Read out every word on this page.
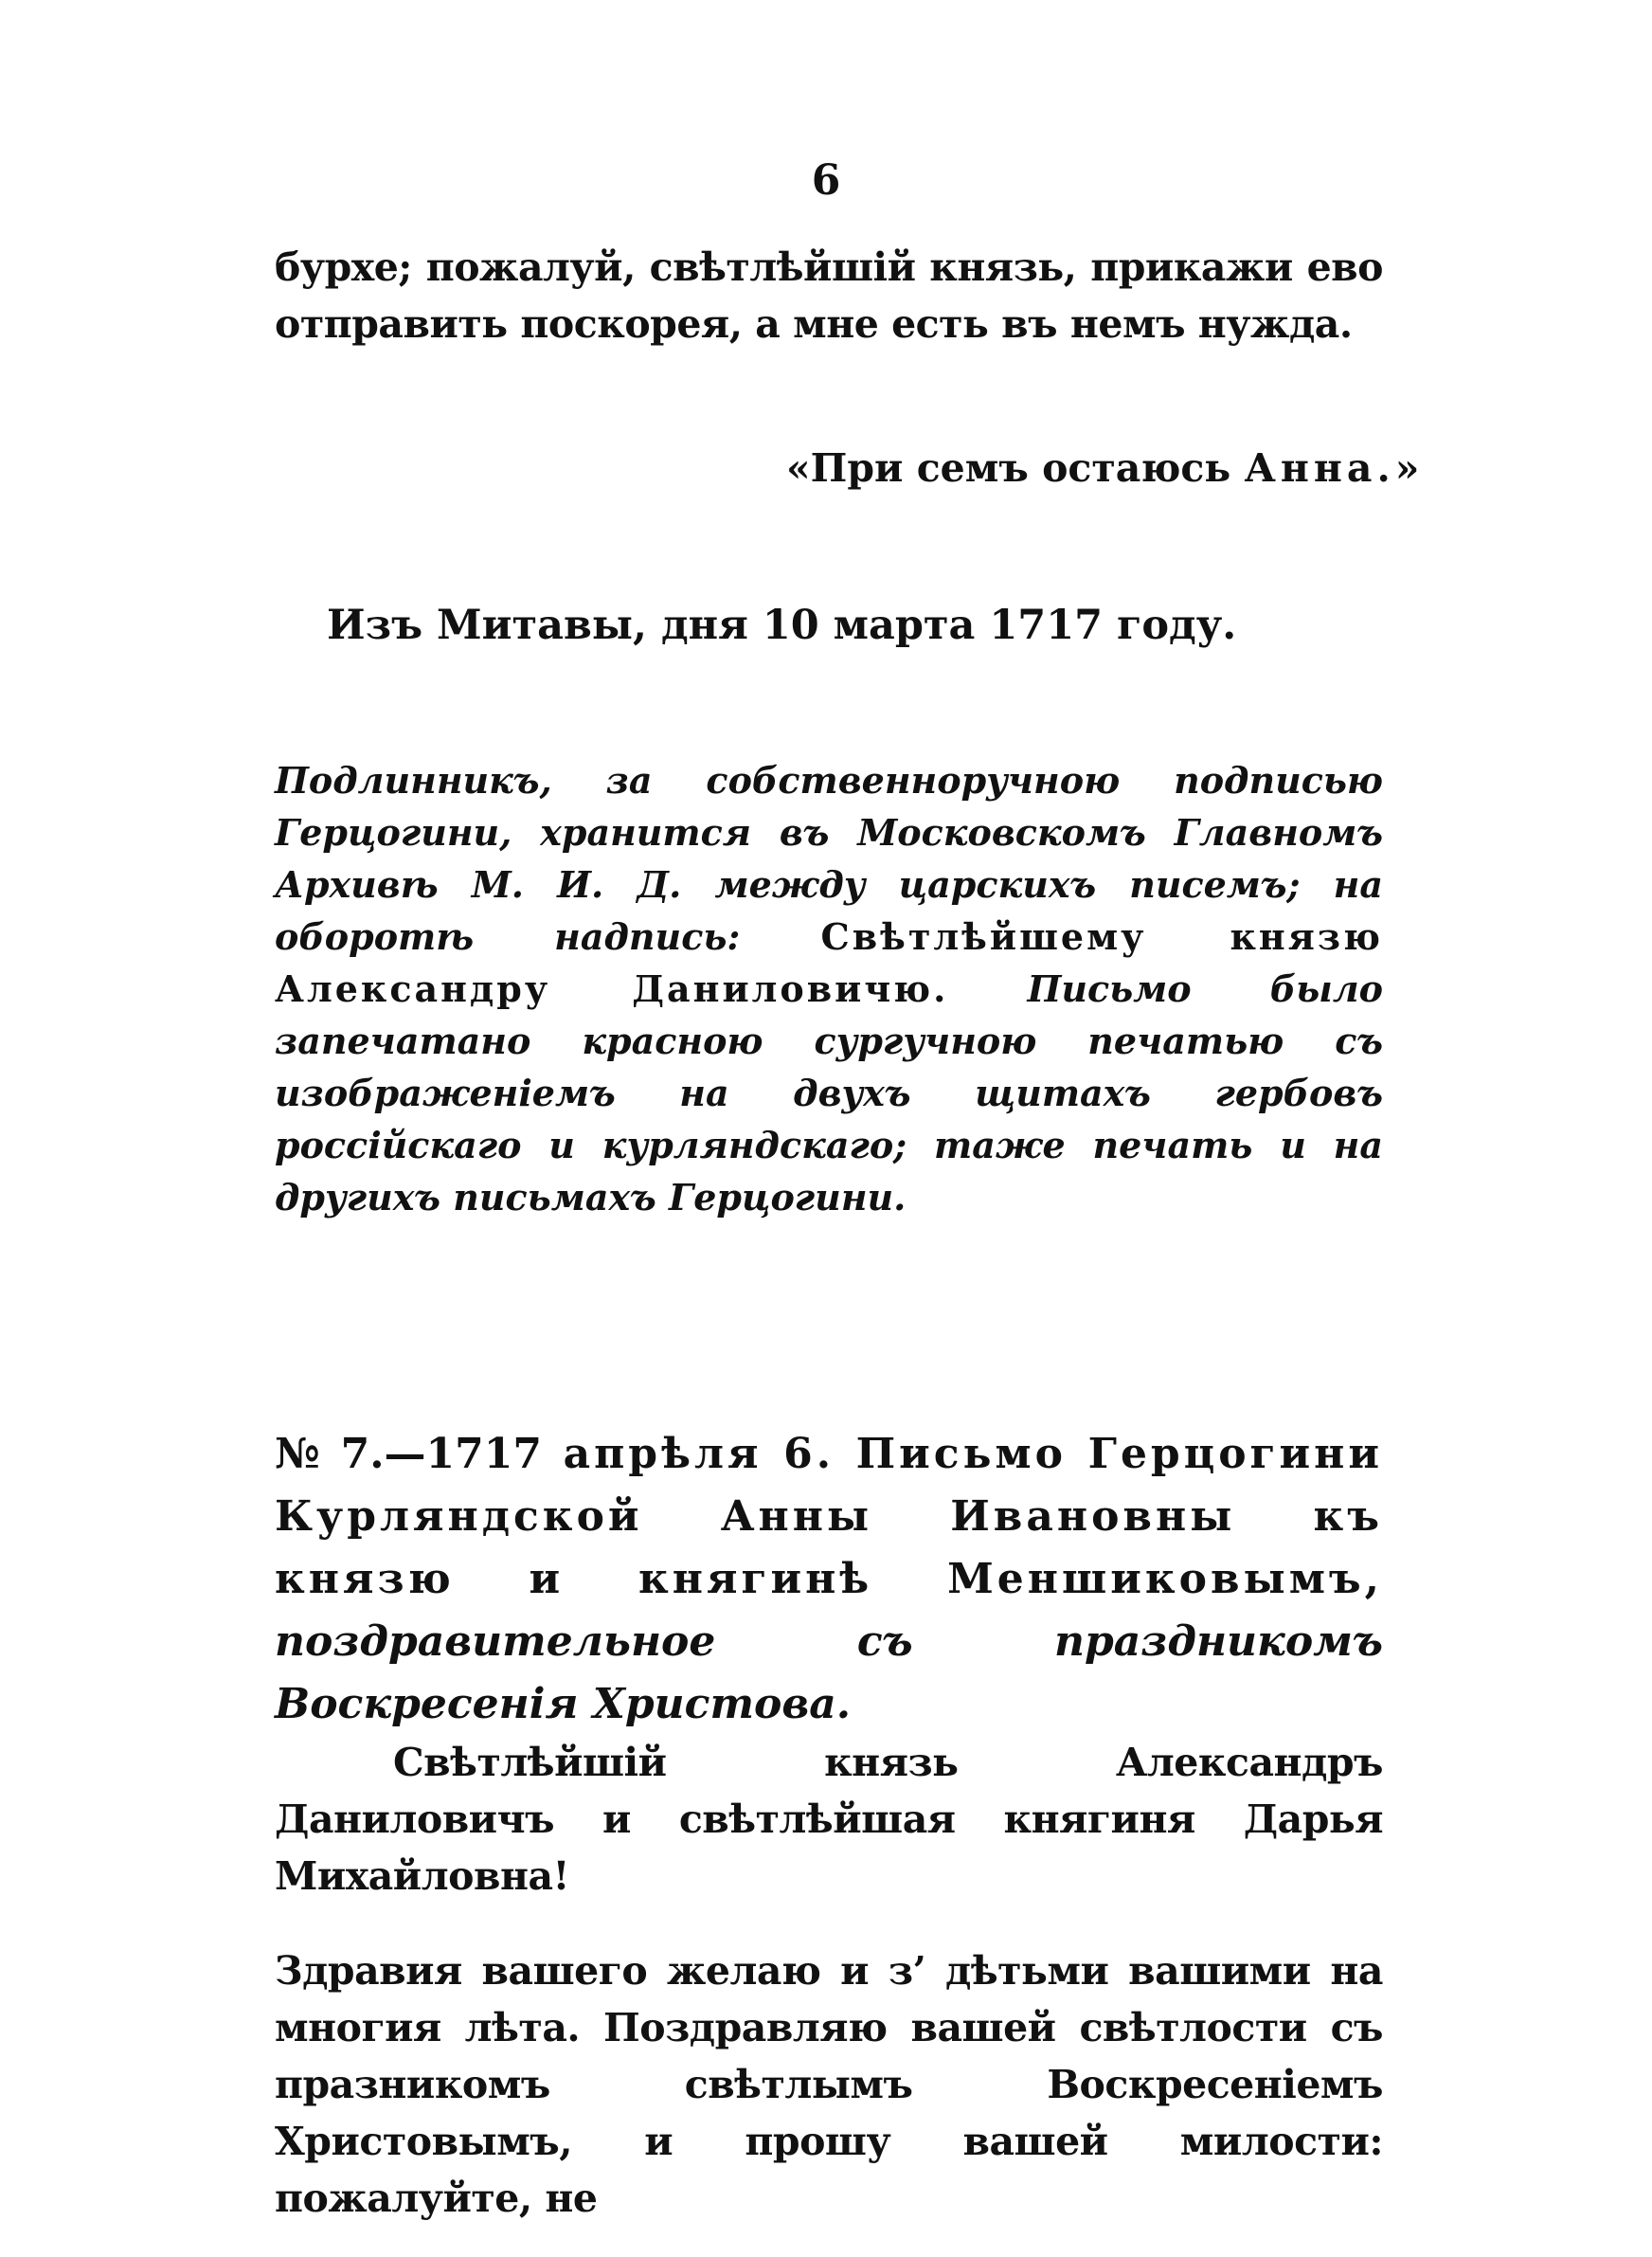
6

бурхе; пожалуй, свѣтлѣйшiй князь, прикажи ево отправить поскорея, а мне есть въ немъ нужда.

«При семъ остаюсь Анна.»
Изъ Митавы, дня 10 марта 1717 году.

Подлинникъ, за собственноручною подписью Герцогини, хранится въ Московскомъ Главномъ Архивѣ М. И. Д. между царскихъ писемъ; на оборотѣ надпись: Свѣтлѣйшему князю Александру Даниловичю. Письмо было запечатано красною сургучною печатью съ изображенiемъ на двухъ щитахъ гербовъ россiйскаго и курляндскаго; таже печать и на другихъ письмахъ Герцогини.

№ 7.—1717 апрѣля 6. Письмо Герцогини Курляндской Анны Ивановны къ князю и княгинѣ Меншиковымъ, поздравительное съ праздникомъ Воскресенiя Христова.

Свѣтлѣйшiй князь Александръ Даниловичъ и свѣтлѣйшая княгиня Дарья Михайловна!

Здравия вашего желаю и з’ дѣтьми вашими на многия лѣта. Поздравляю вашей свѣтлости съ празникомъ свѣтлымъ Воскресенiемъ Христовымъ, и прошу вашей милости: пожалуйте, не
